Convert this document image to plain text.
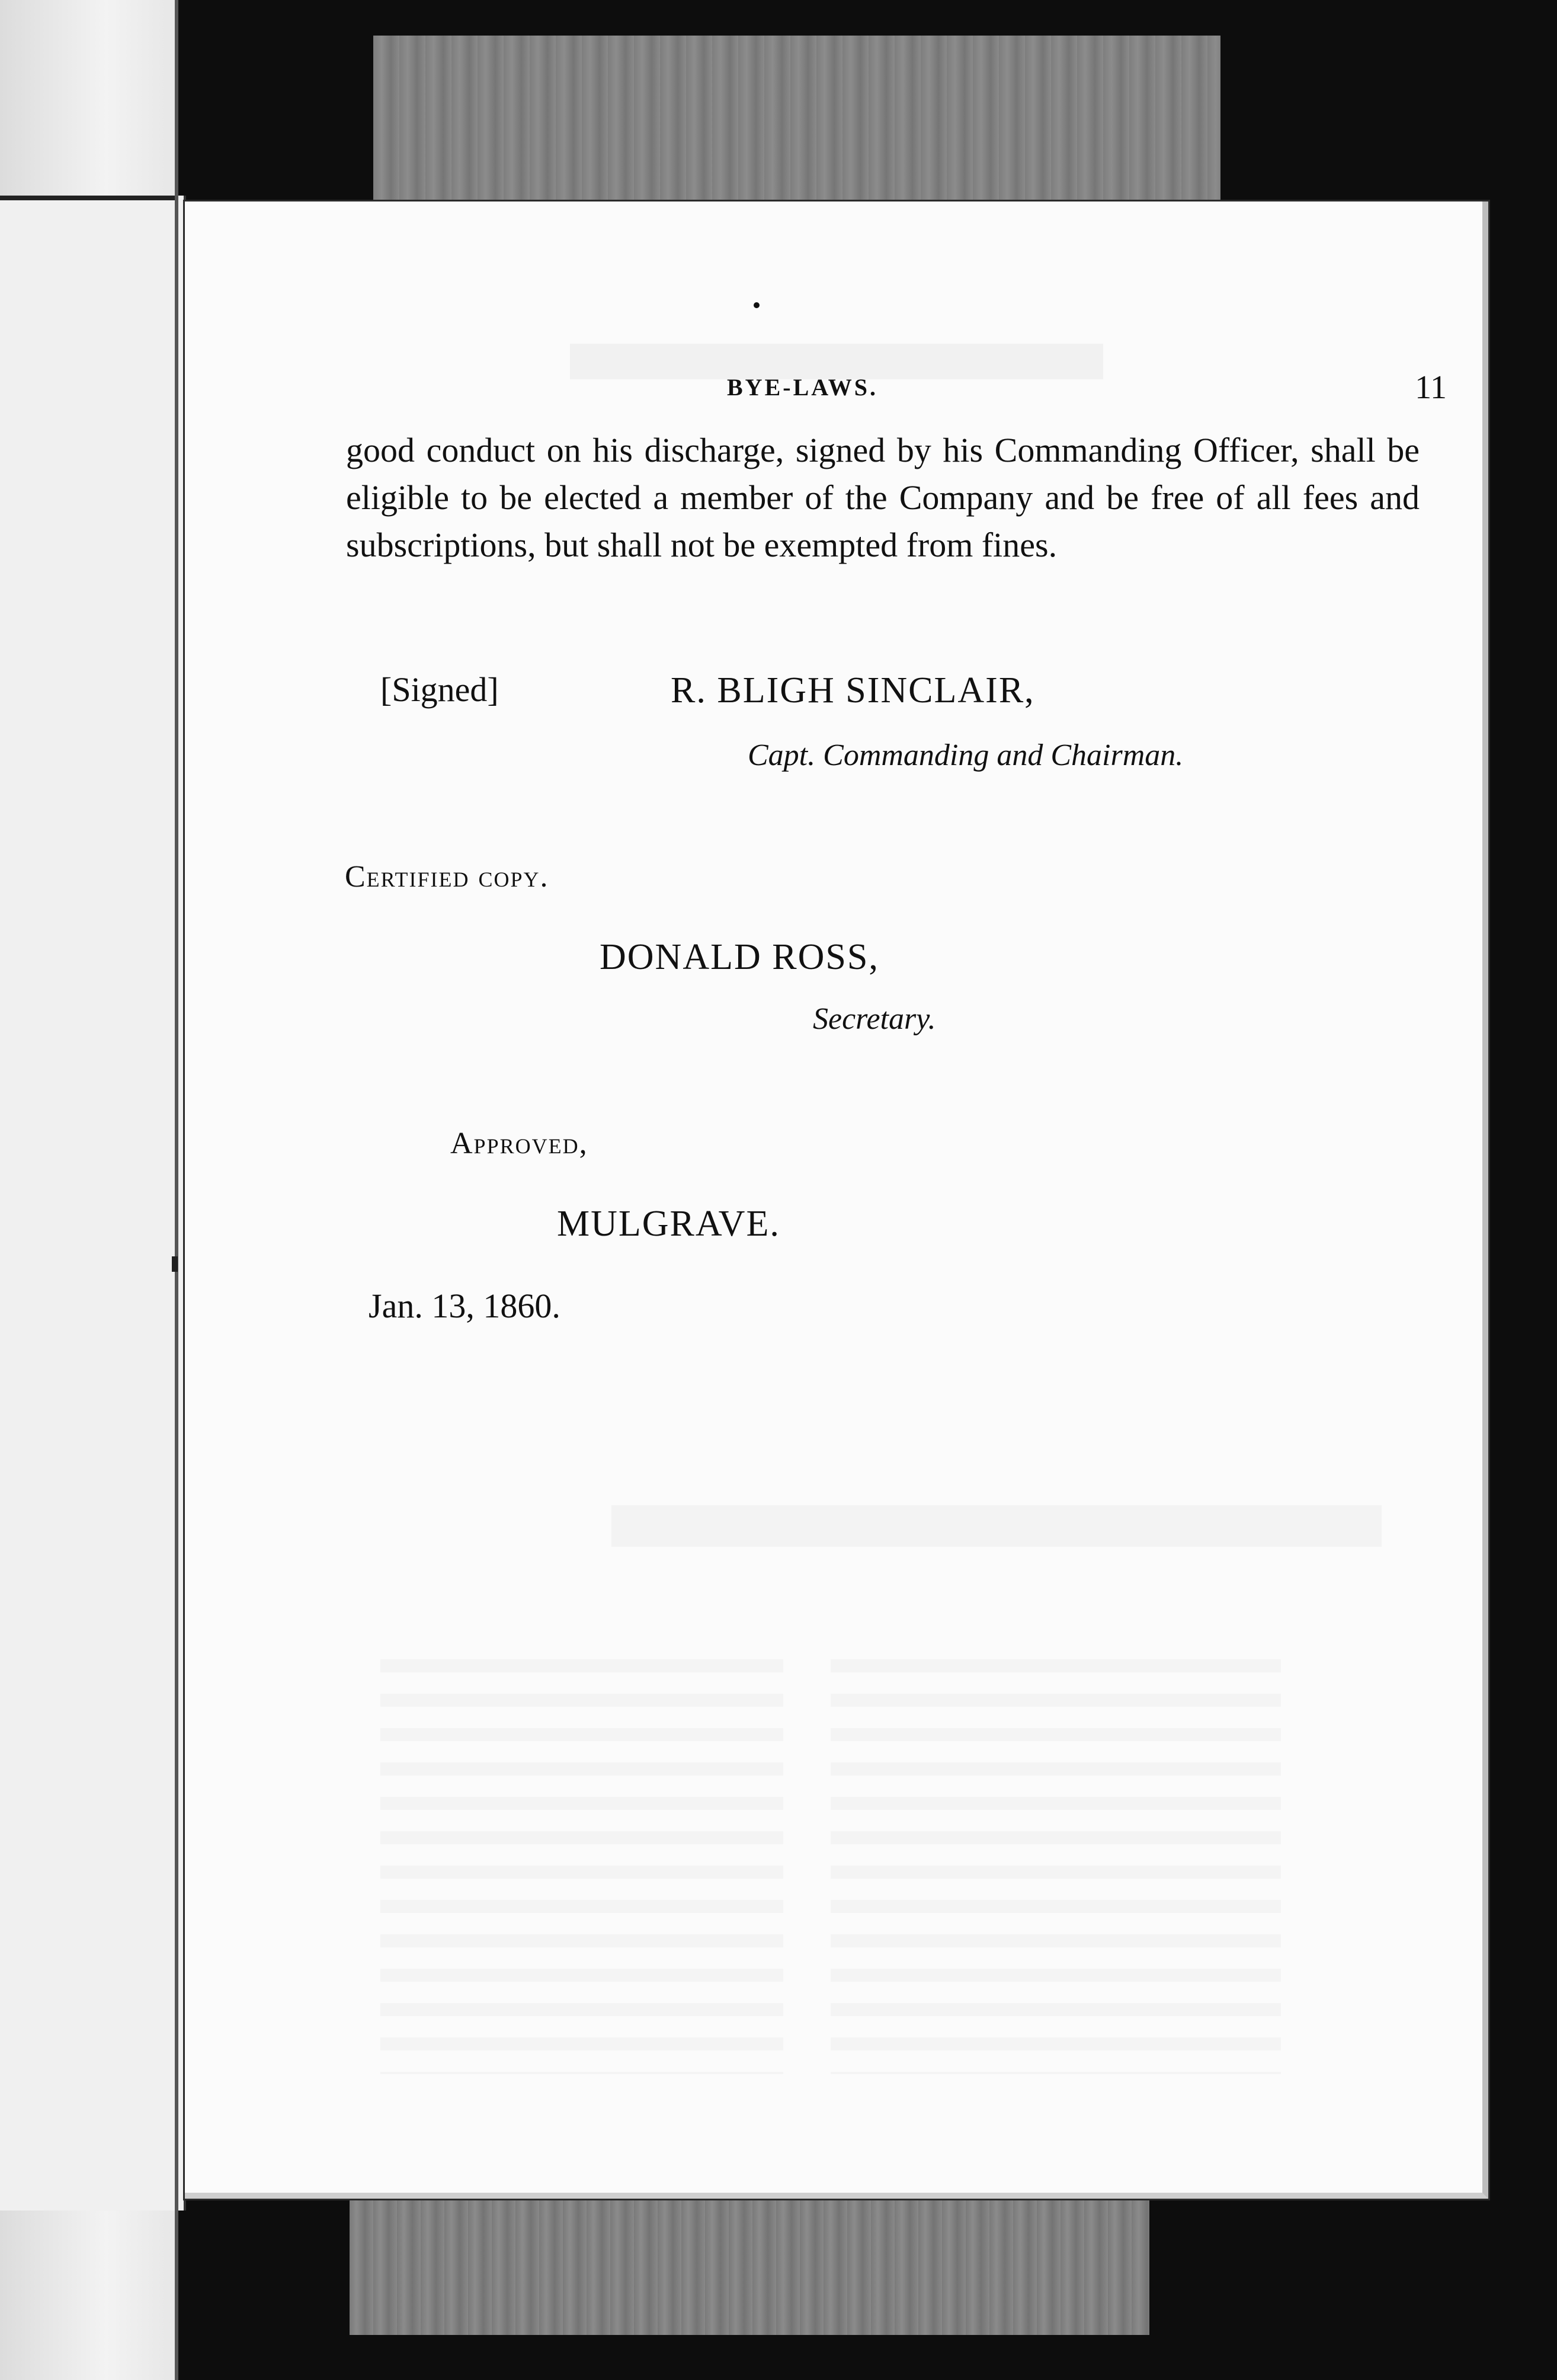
BYE-LAWS.	11
good conduct on his discharge, signed by his Commanding Officer, shall be eligible to be elected a member of the Company and be free of all fees and subscriptions, but shall not be exempted from fines.
[Signed]	R. BLIGH SINCLAIR,
Capt. Commanding and Chairman.
Certified copy.
DONALD ROSS,
Secretary.
Approved,
MULGRAVE.
Jan. 13, 1860.
